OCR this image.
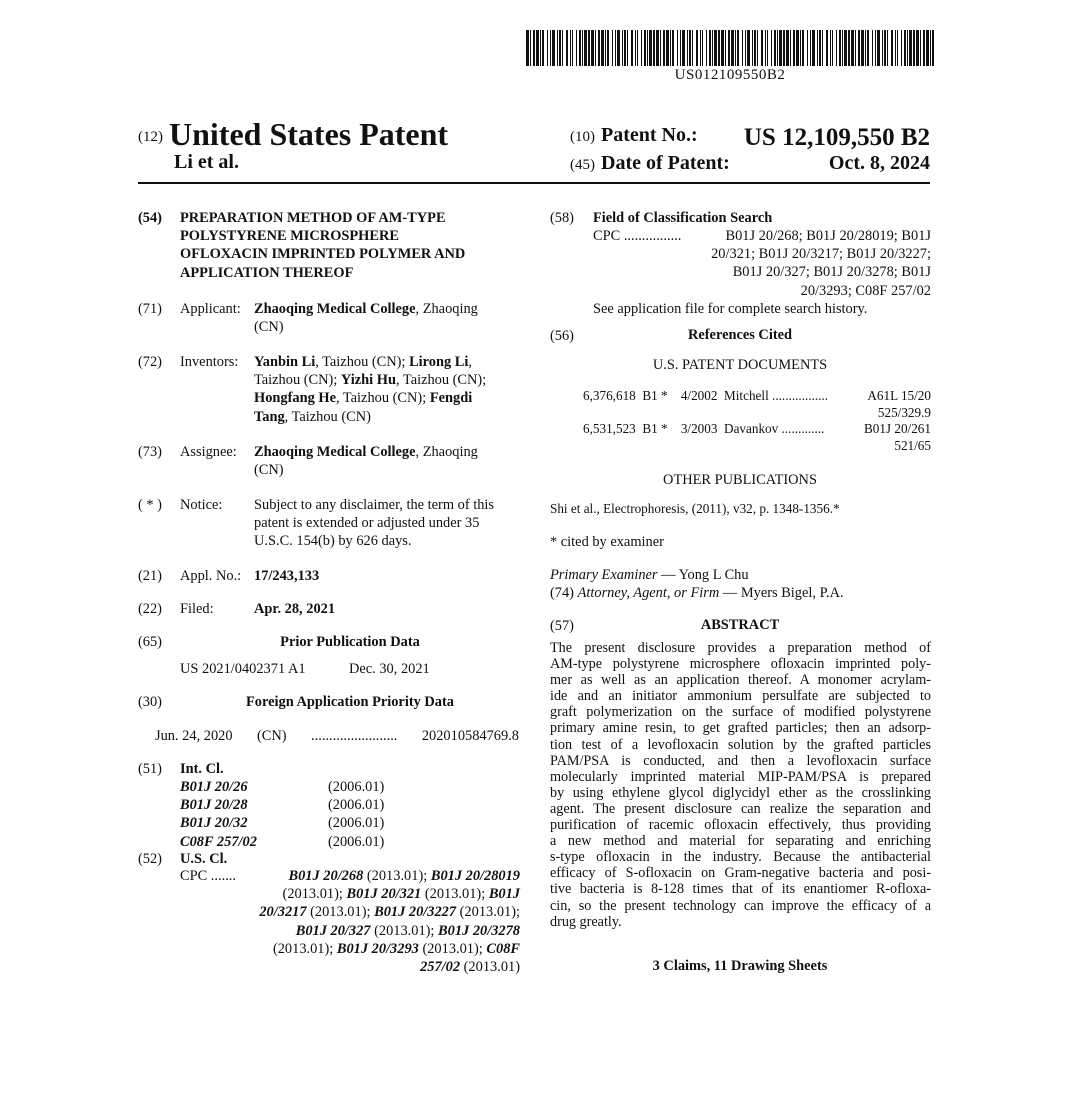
US012109550B2
(12) United States Patent
Li et al.
(10) Patent No.: US 12,109,550 B2
(45) Date of Patent:	Oct. 8, 2024
(54) PREPARATION METHOD OF AM-TYPE
POLYSTYRENE MICROSPHERE
OFLOXACIN IMPRINTED POLYMER AND
APPLICATION THEREOF
(71) Applicant: Zhaoqing Medical College, Zhaoqing
(CN)
(72) Inventors: Yanbin Li, Taizhou (CN); Lirong Li,
Taizhou (CN); Yizhi Hu, Taizhou (CN);
Hongfang He, Taizhou (CN); Fengdi
Tang, Taizhou (CN)
(73) Assignee: Zhaoqing Medical College, Zhaoqing
(CN)
( * ) Notice: Subject to any disclaimer, the term of this
patent is extended or adjusted under 35
U.S.C. 154(b) by 626 days.
(21) Appl. No.: 17/243,133
(22) Filed:	Apr. 28, 2021
(65)	Prior Publication Data
US 2021/0402371 A1	Dec. 30, 2021
(30)	Foreign Application Priority Data
Jun. 24, 2020 (CN) ........................ 202010584769.8
(51) Int. Cl.
B01J 20/26	(2006.01)
B01J 20/28	(2006.01)
B01J 20/32	(2006.01)
C08F 257/02	(2006.01)
(52) U.S. Cl.
CPC .......	B01J 20/268 (2013.01); B01J 20/28019
(2013.01); B01J 20/321 (2013.01); B01J
20/3217 (2013.01); B01J 20/3227 (2013.01);
B01J 20/327 (2013.01); B01J 20/3278
(2013.01); B01J 20/3293 (2013.01); C08F
257/02 (2013.01)
(58) Field of Classification Search
CPC ................	B01J 20/268; B01J 20/28019; B01J
20/321; B01J 20/3217; B01J 20/3227;
B01J 20/327; B01J 20/3278; B01J
20/3293; C08F 257/02
See application file for complete search history.
(56)	References Cited
U.S. PATENT DOCUMENTS
6,376,618 B1 * 4/2002 Mitchell .................	A61L 15/20
525/329.9
6,531,523 B1 * 3/2003 Davankov .............	B01J 20/261
521/65
OTHER PUBLICATIONS
Shi et al., Electrophoresis, (2011), v32, p. 1348-1356.*
* cited by examiner
Primary Examiner — Yong L Chu
(74) Attorney, Agent, or Firm — Myers Bigel, P.A.
(57)	ABSTRACT
The present disclosure provides a preparation method of
AM-type polystyrene microsphere ofloxacin imprinted poly-
mer as well as an application thereof. A monomer acrylam-
ide and an initiator ammonium persulfate are subjected to
graft polymerization on the surface of modified polystyrene
primary amine resin, to get grafted particles; then an adsorp-
tion test of a levofloxacin solution by the grafted particles
PAM/PSA is conducted, and then a levofloxacin surface
molecularly imprinted material MIP-PAM/PSA is prepared
by using ethylene glycol diglycidyl ether as the crosslinking
agent. The present disclosure can realize the separation and
purification of racemic ofloxacin effectively, thus providing
a new method and material for separating and enriching
s-type ofloxacin in the industry. Because the antibacterial
efficacy of S-ofloxacin on Gram-negative bacteria and posi-
tive bacteria is 8-128 times that of its enantiomer R-ofloxa-
cin, so the present technology can improve the efficacy of a
drug greatly.
3 Claims, 11 Drawing Sheets
